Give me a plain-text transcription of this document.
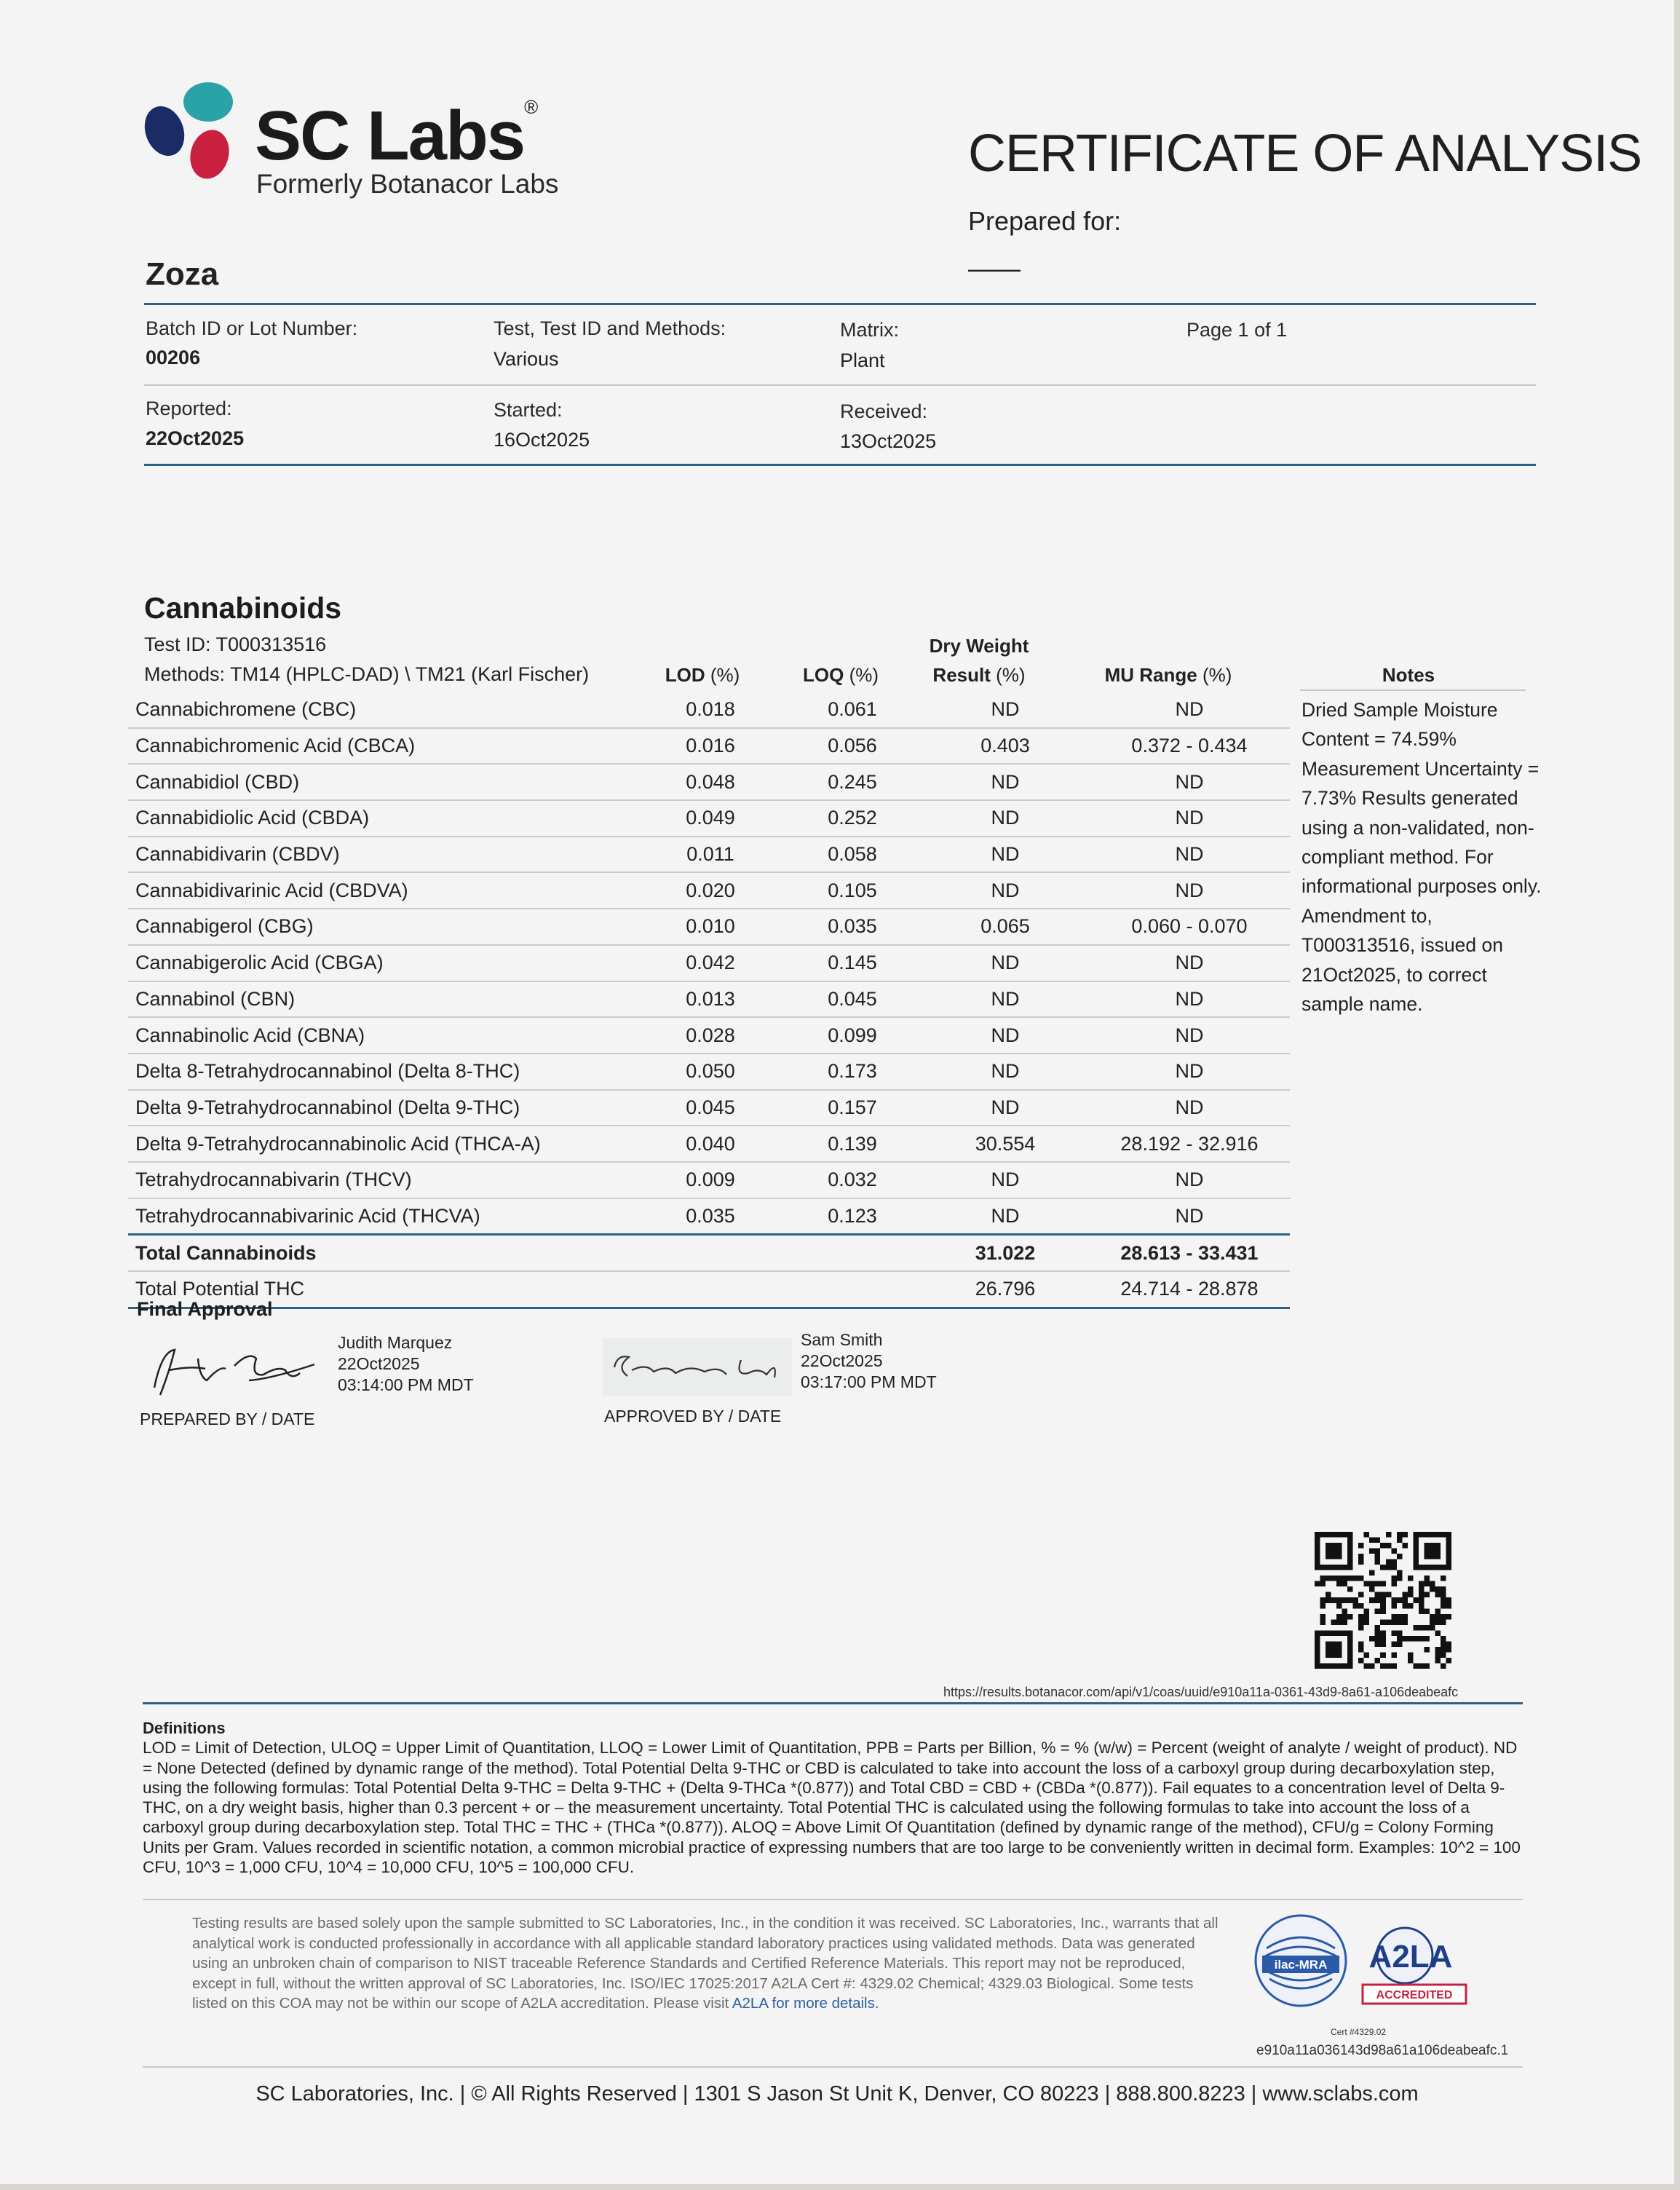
SC Labs®
Formerly Botanacor Labs
CERTIFICATE OF ANALYSIS
Prepared for:
——
Zoza
Batch ID or Lot Number:
00206
Test, Test ID and Methods:
Various
Matrix:
Plant
Page 1 of 1
Reported:
22Oct2025
Started:
16Oct2025
Received:
13Oct2025
Cannabinoids
Test ID: T000313516
Methods: TM14 (HPLC-DAD) \ TM21 (Karl Fischer)	LOD (%)	LOQ (%)
Dry Weight
Result (%)	MU Range (%)	Notes
Cannabichromene (CBC)	0.018	0.061	ND	ND
Cannabichromenic Acid (CBCA)	0.016	0.056	0.403	0.372 - 0.434
Cannabidiol (CBD)	0.048	0.245	ND	ND
Cannabidiolic Acid (CBDA)	0.049	0.252	ND	ND
Cannabidivarin (CBDV)	0.011	0.058	ND	ND
Cannabidivarinic Acid (CBDVA)	0.020	0.105	ND	ND
Cannabigerol (CBG)	0.010	0.035	0.065	0.060 - 0.070
Cannabigerolic Acid (CBGA)	0.042	0.145	ND	ND
Cannabinol (CBN)	0.013	0.045	ND	ND
Cannabinolic Acid (CBNA)	0.028	0.099	ND	ND
Delta 8-Tetrahydrocannabinol (Delta 8-THC)	0.050	0.173	ND	ND
Delta 9-Tetrahydrocannabinol (Delta 9-THC)	0.045	0.157	ND	ND
Delta 9-Tetrahydrocannabinolic Acid (THCA-A)	0.040	0.139	30.554	28.192 - 32.916
Tetrahydrocannabivarin (THCV)	0.009	0.032	ND	ND
Tetrahydrocannabivarinic Acid (THCVA)	0.035	0.123	ND	ND
Total Cannabinoids			31.022	28.613 - 33.431
Total Potential THC			26.796	24.714 - 28.878
Dried Sample Moisture Content = 74.59% Measurement Uncertainty = 7.73% Results generated using a non-validated, non-compliant method. For informational purposes only. Amendment to, T000313516, issued on 21Oct2025, to correct sample name.
Final Approval
Judith Marquez	Judith Marquez
22Oct2025
03:14:00 PM MDT
PREPARED BY / DATE
Sam Smith
22Oct2025
03:17:00 PM MDT
APPROVED BY / DATE
https://results.botanacor.com/api/v1/coas/uuid/e910a11a-0361-43d9-8a61-a106deabeafc
Definitions
LOD = Limit of Detection, ULOQ = Upper Limit of Quantitation, LLOQ = Lower Limit of Quantitation, PPB = Parts per Billion, % = % (w/w) = Percent (weight of analyte / weight of product). ND = None Detected (defined by dynamic range of the method). Total Potential Delta 9-THC or CBD is calculated to take into account the loss of a carboxyl group during decarboxylation step, using the following formulas: Total Potential Delta 9-THC = Delta 9-THC + (Delta 9-THCa *(0.877)) and Total CBD = CBD + (CBDa *(0.877)). Fail equates to a concentration level of Delta 9-THC, on a dry weight basis, higher than 0.3 percent + or – the measurement uncertainty. Total Potential THC is calculated using the following formulas to take into account the loss of a carboxyl group during decarboxylation step. Total THC = THC + (THCa *(0.877)). ALOQ = Above Limit Of Quantitation (defined by dynamic range of the method), CFU/g = Colony Forming Units per Gram. Values recorded in scientific notation, a common microbial practice of expressing numbers that are too large to be conveniently written in decimal form. Examples: 10^2 = 100 CFU, 10^3 = 1,000 CFU, 10^4 = 10,000 CFU, 10^5 = 100,000 CFU.
Testing results are based solely upon the sample submitted to SC Laboratories, Inc., in the condition it was received. SC Laboratories, Inc., warrants that all analytical work is conducted professionally in accordance with all applicable standard laboratory practices using validated methods. Data was generated using an unbroken chain of comparison to NIST traceable Reference Standards and Certified Reference Materials. This report may not be reproduced, except in full, without the written approval of SC Laboratories, Inc. ISO/IEC 17025:2017 A2LA Cert #: 4329.02 Chemical; 4329.03 Biological. Some tests listed on this COA may not be within our scope of A2LA accreditation. Please visit A2LA for more details.
ilac-MRA A2LA
ACCREDITED
Cert #4329.02
e910a11a036143d98a61a106deabeafc.1
SC Laboratories, Inc. | © All Rights Reserved | 1301 S Jason St Unit K, Denver, CO 80223 | 888.800.8223 | www.sclabs.com
